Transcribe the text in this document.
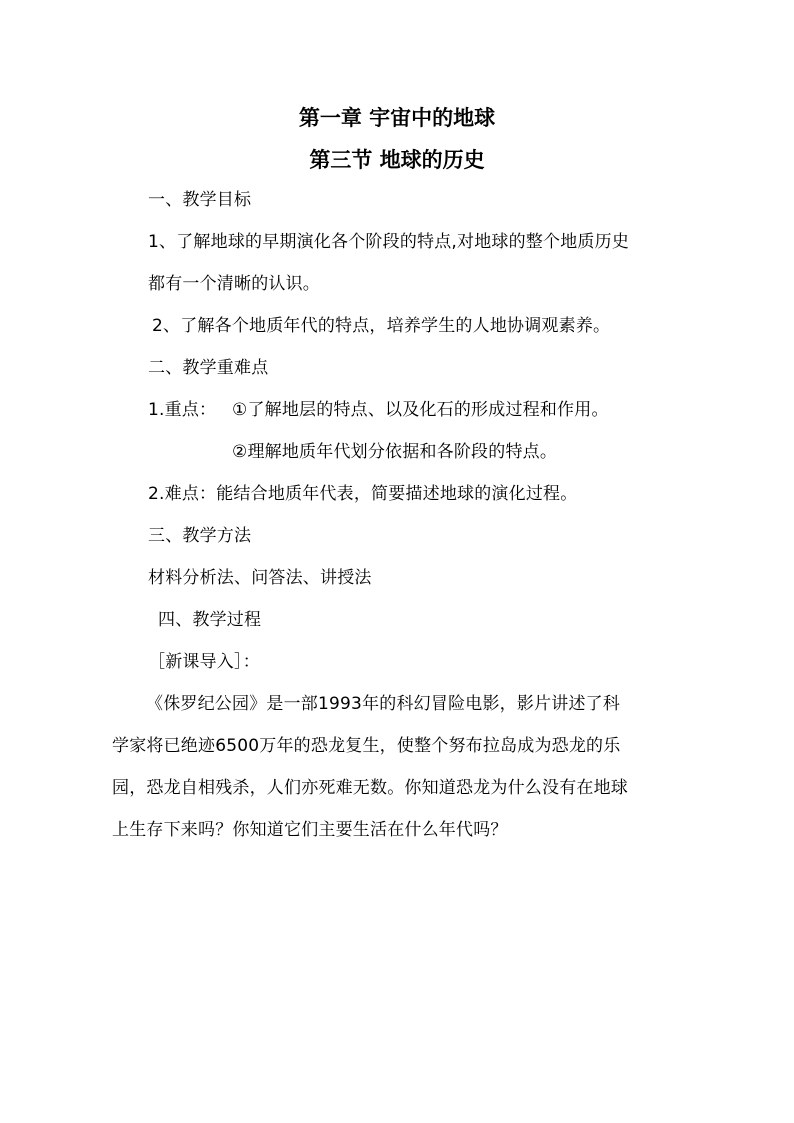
第一章 宇宙中的地球
第三节 地球的历史
一、教学目标
1、了解地球的早期演化各个阶段的特点,对地球的整个地质历史
都有一个清晰的认识。
2、了解各个地质年代的特点，培养学生的人地协调观素养。
二、教学重难点
1.重点： ①了解地层的特点、以及化石的形成过程和作用。
②理解地质年代划分依据和各阶段的特点。
2.难点：能结合地质年代表，简要描述地球的演化过程。
三、教学方法
材料分析法、问答法、讲授法
四、教学过程
［新课导入］：
《侏罗纪公园》是一部1993年的科幻冒险电影，影片讲述了科
学家将已绝迹6500万年的恐龙复生，使整个努布拉岛成为恐龙的乐
园，恐龙自相残杀，人们亦死难无数。你知道恐龙为什么没有在地球
上生存下来吗？你知道它们主要生活在什么年代吗？
